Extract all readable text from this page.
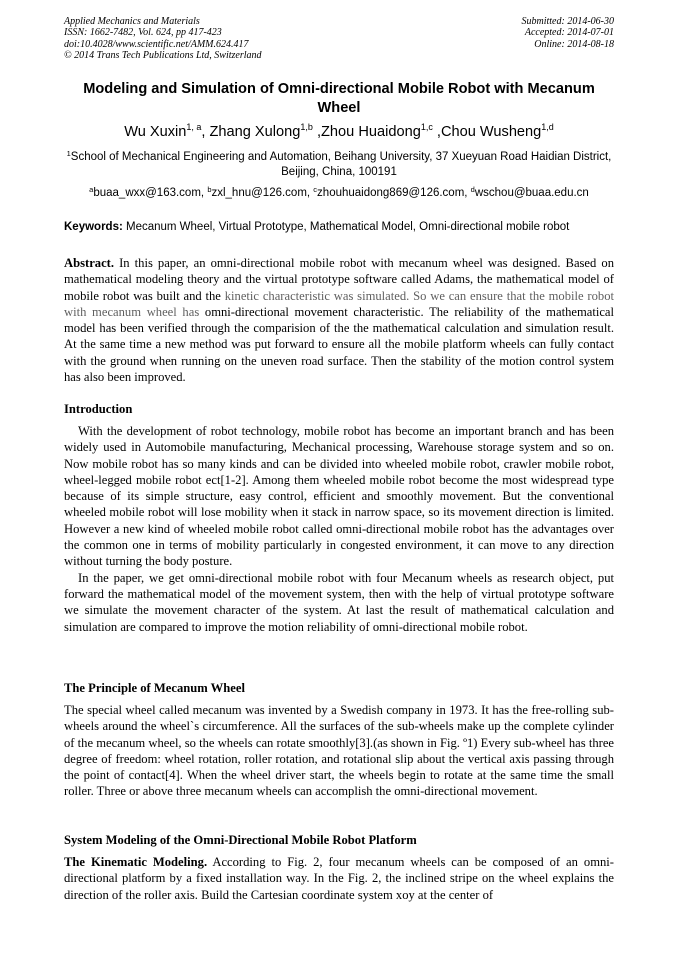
Applied Mechanics and Materials
ISSN: 1662-7482, Vol. 624, pp 417-423
doi:10.4028/www.scientific.net/AMM.624.417
© 2014 Trans Tech Publications Ltd, Switzerland
Submitted: 2014-06-30
Accepted: 2014-07-01
Online: 2014-08-18
Modeling and Simulation of Omni-directional Mobile Robot with Mecanum Wheel
Wu Xuxin$^{1, a}$, Zhang Xulong$^{1,b}$ ,Zhou Huaidong$^{1,c}$ ,Chou Wusheng$^{1,d}$
$^1$School of Mechanical Engineering and Automation, Beihang University, 37 Xueyuan Road Haidian District, Beijing, China, 100191
$^a$buaa_wxx@163.com, $^b$zxl_hnu@126.com, $^c$zhouhuaidong869@126.com, $^d$wschou@buaa.edu.cn
Keywords: Mecanum Wheel, Virtual Prototype, Mathematical Model, Omni-directional mobile robot
Abstract. In this paper, an omni-directional mobile robot with mecanum wheel was designed. Based on mathematical modeling theory and the virtual prototype software called Adams, the mathematical model of mobile robot was built and the kinetic characteristic was simulated. So we can ensure that the mobile robot with mecanum wheel has omni-directional movement characteristic. The reliability of the mathematical model has been verified through the comparision of the the mathematical calculation and simulation result. At the same time a new method was put forward to ensure all the mobile platform wheels can fully contact with the ground when running on the uneven road surface. Then the stability of the motion control system has also been improved.
Introduction

With the development of robot technology, mobile robot has become an important branch and has been widely used in Automobile manufacturing, Mechanical processing, Warehouse storage system and so on. Now mobile robot has so many kinds and can be divided into wheeled mobile robot, crawler mobile robot, wheel-legged mobile robot ect[1-2]. Among them wheeled mobile robot become the most widespread type because of its simple structure, easy control, efficient and smoothly movement. But the conventional wheeled mobile robot will lose mobility when it stack in narrow space, so its movement direction is limited. However a new kind of wheeled mobile robot called omni-directional mobile robot has the advantages over the common one in terms of mobility particularly in congested environment, it can move to any direction without turning the body posture.

In the paper, we get omni-directional mobile robot with four Mecanum wheels as research object, put forward the mathematical model of the movement system, then with the help of virtual prototype software we simulate the movement character of the system. At last the result of mathematical calculation and simulation are compared to improve the motion reliability of omni-directional mobile robot.

The Principle of Mecanum Wheel

The special wheel called mecanum was invented by a Swedish company in 1973. It has the free-rolling sub-wheels around the wheel`s circumference. All the surfaces of the sub-wheels make up the complete cylinder of the mecanum wheel, so the wheels can rotate smoothly[3].(as shown in Fig. º1) Every sub-wheel has three degree of freedom: wheel rotation, roller rotation, and rotational slip about the vertical axis passing through the point of contact[4]. When the wheel driver start, the wheels begin to rotate at the same time the small roller. Three or above three mecanum wheels can accomplish the omni-directional movement.

System Modeling of the Omni-Directional Mobile Robot Platform

The Kinematic Modeling. According to Fig. 2, four mecanum wheels can be composed of an omni-directional platform by a fixed installation way. In the Fig. 2, the inclined stripe on the wheel explains the direction of the roller axis. Build the Cartesian coordinate system xoy at the center of
